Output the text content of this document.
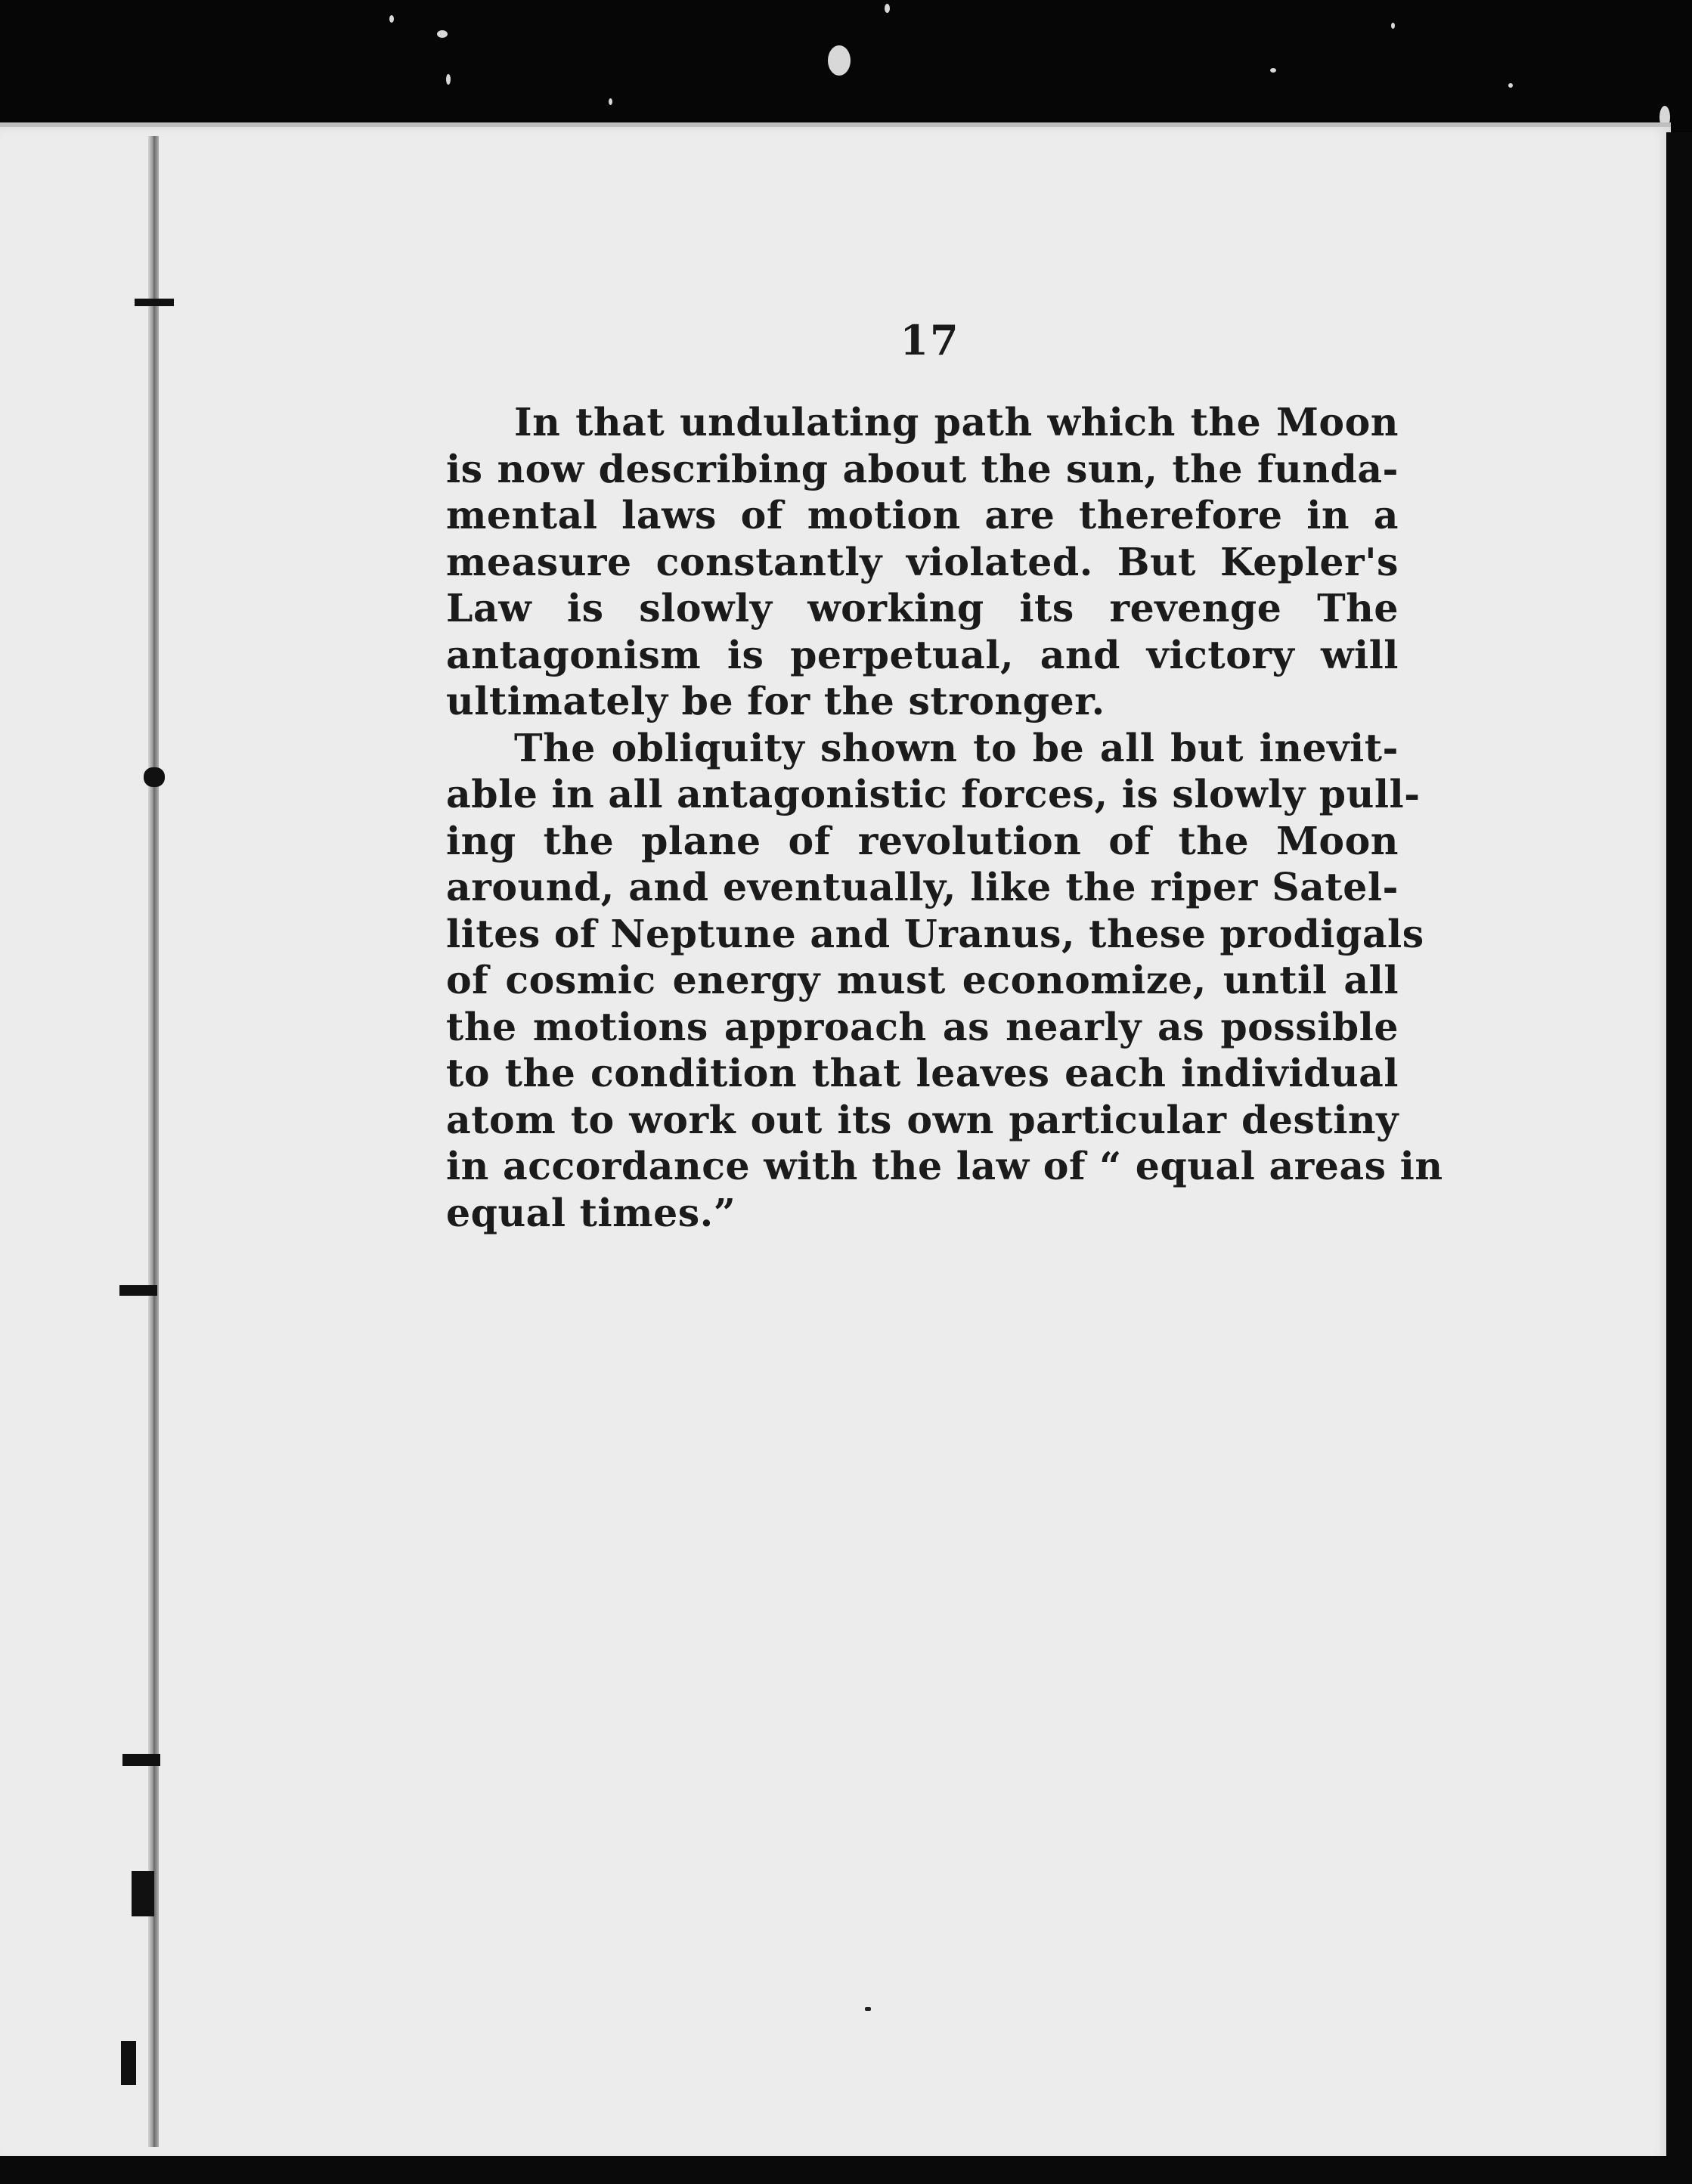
17
In that undulating path which the Moon
is now describing about the sun, the funda-
mental laws of motion are therefore in a
measure constantly violated. But Kepler's
Law is slowly working its revenge The
antagonism is perpetual, and victory will
ultimately be for the stronger.
The obliquity shown to be all but inevit-
able in all antagonistic forces, is slowly pull-
ing the plane of revolution of the Moon
around, and eventually, like the riper Satel-
lites of Neptune and Uranus, these prodigals
of cosmic energy must economize, until all
the motions approach as nearly as possible
to the condition that leaves each individual
atom to work out its own particular destiny
in accordance with the law of “ equal areas in
equal times.”
